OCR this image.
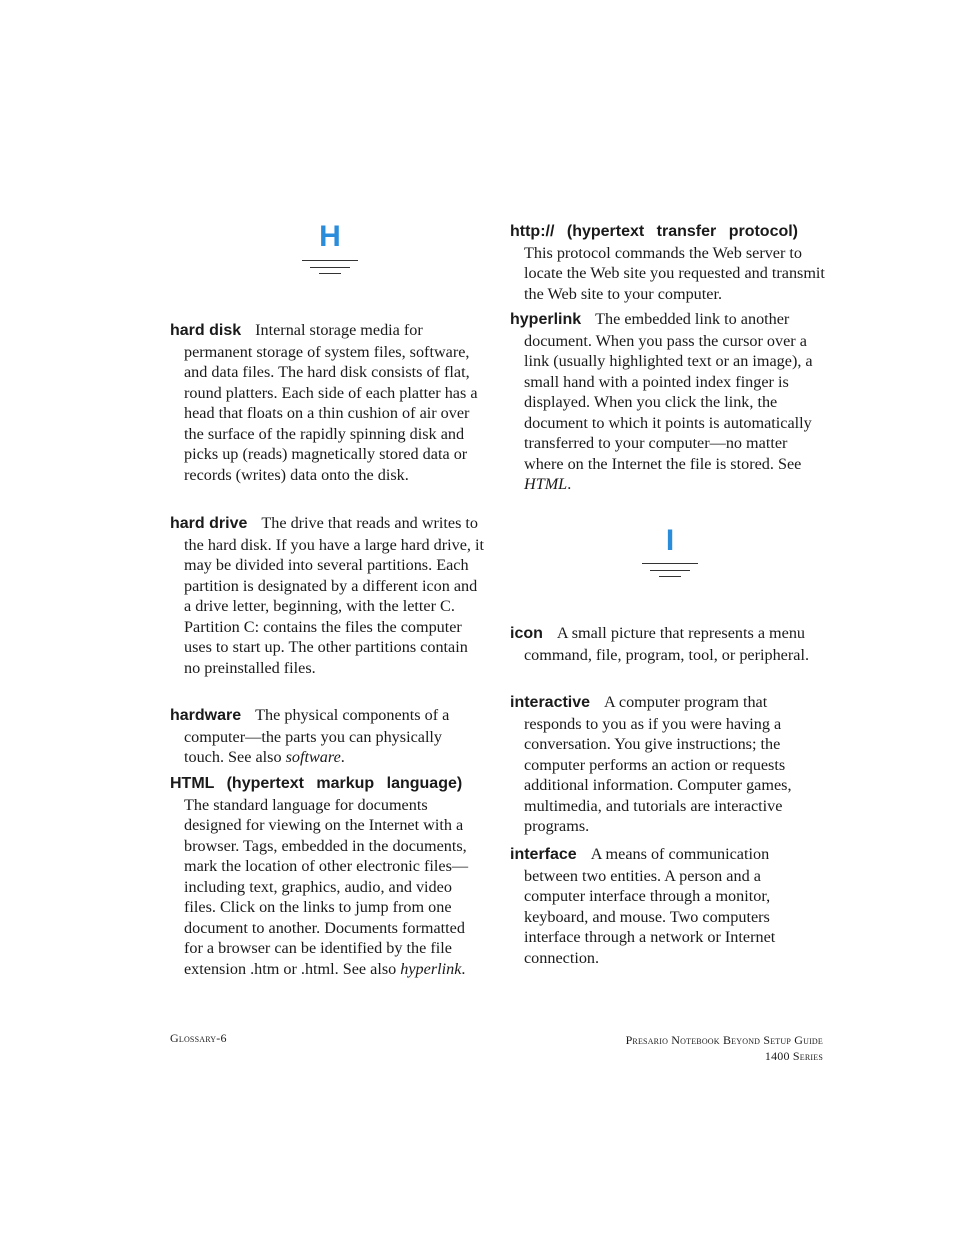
H
hard disk Internal storage media for permanent storage of system files, software, and data files. The hard disk consists of flat, round platters. Each side of each platter has a head that floats on a thin cushion of air over the surface of the rapidly spinning disk and picks up (reads) magnetically stored data or records (writes) data onto the disk.
hard drive The drive that reads and writes to the hard disk. If you have a large hard drive, it may be divided into several partitions. Each partition is designated by a different icon and a drive letter, beginning, with the letter C. Partition C: contains the files the computer uses to start up. The other partitions contain no preinstalled files.
hardware The physical components of a computer—the parts you can physically touch. See also software.
HTML (hypertext markup language)
The standard language for documents designed for viewing on the Internet with a browser. Tags, embedded in the documents, mark the location of other electronic files—including text, graphics, audio, and video files. Click on the links to jump from one document to another. Documents formatted for a browser can be identified by the file extension .htm or .html. See also hyperlink.
http:// (hypertext transfer protocol)
This protocol commands the Web server to locate the Web site you requested and transmit the Web site to your computer.
hyperlink The embedded link to another document. When you pass the cursor over a link (usually highlighted text or an image), a small hand with a pointed index finger is displayed. When you click the link, the document to which it points is automatically transferred to your computer—no matter where on the Internet the file is stored. See HTML.
I
icon A small picture that represents a menu command, file, program, tool, or peripheral.
interactive A computer program that responds to you as if you were having a conversation. You give instructions; the computer performs an action or requests additional information. Computer games, multimedia, and tutorials are interactive programs.
interface A means of communication between two entities. A person and a computer interface through a monitor, keyboard, and mouse. Two computers interface through a network or Internet connection.
Glossary-6	Presario Notebook Beyond Setup Guide
1400 Series
